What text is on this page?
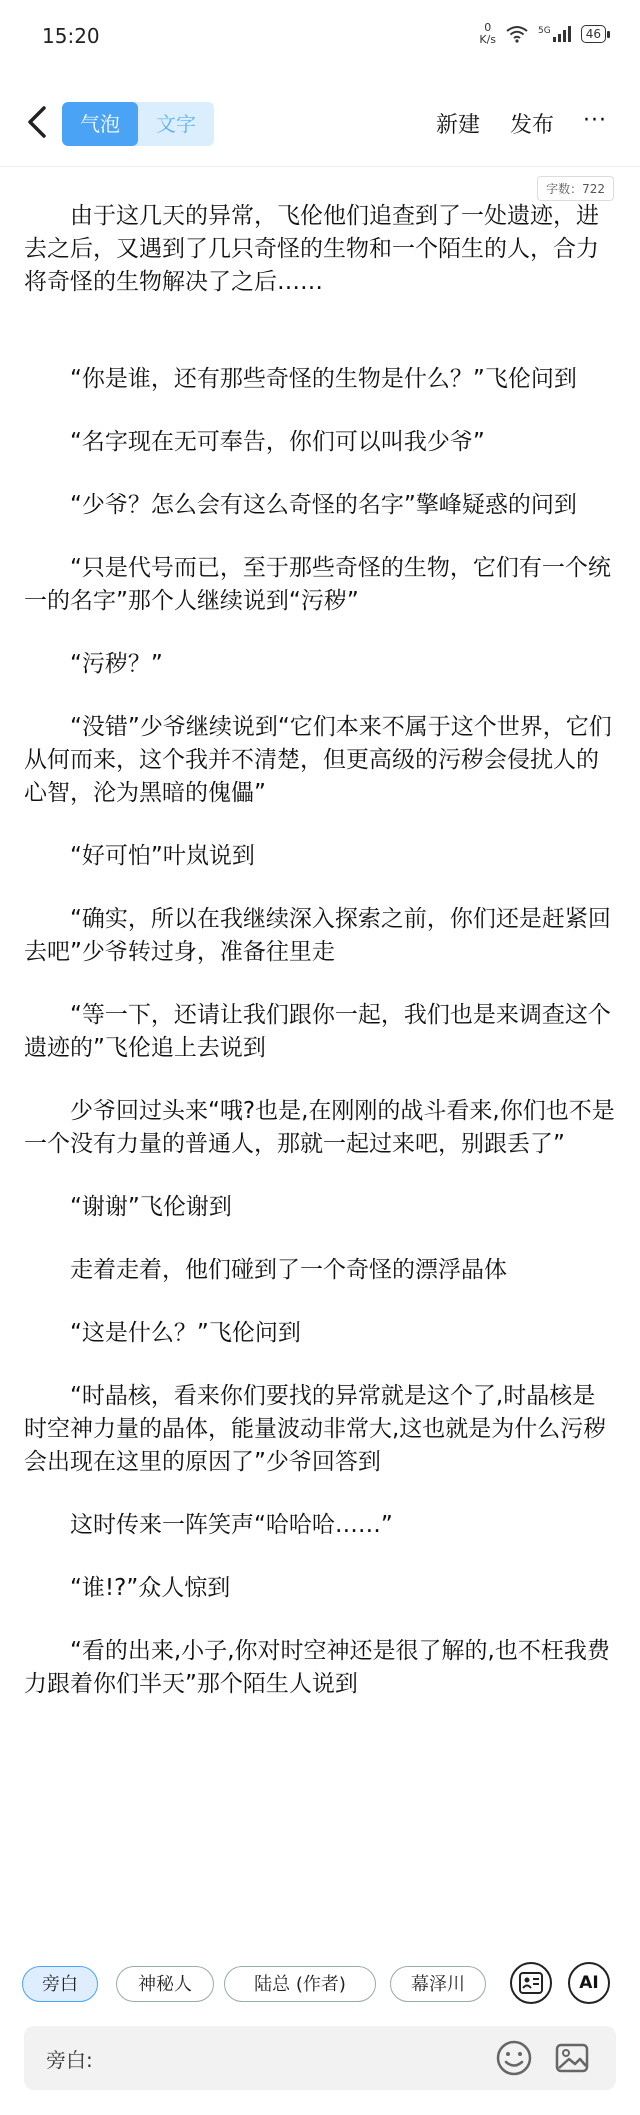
15:20	0
K/s
5G	46
气泡	文字	新建 发布 ···
字数：722

由于这几天的异常，飞伦他们追查到了一处遗迹，进去之后，又遇到了几只奇怪的生物和一个陌生的人，合力将奇怪的生物解决了之后……

“你是谁，还有那些奇怪的生物是什么？”飞伦问到

“名字现在无可奉告，你们可以叫我少爷”

“少爷？怎么会有这么奇怪的名字”擎峰疑惑的问到

“只是代号而已，至于那些奇怪的生物，它们有一个统一的名字”那个人继续说到“污秽”

“污秽？”

“没错”少爷继续说到“它们本来不属于这个世界，它们从何而来，这个我并不清楚，但更高级的污秽会侵扰人的心智，沦为黑暗的傀儡”

“好可怕”叶岚说到

“确实，所以在我继续深入探索之前，你们还是赶紧回去吧”少爷转过身，准备往里走

“等一下，还请让我们跟你一起，我们也是来调查这个遗迹的”飞伦追上去说到

少爷回过头来“哦?也是,在刚刚的战斗看来,你们也不是一个没有力量的普通人，那就一起过来吧，别跟丢了”

“谢谢”飞伦谢到

走着走着，他们碰到了一个奇怪的漂浮晶体

“这是什么？”飞伦问到

“时晶核，看来你们要找的异常就是这个了,时晶核是时空神力量的晶体，能量波动非常大,这也就是为什么污秽会出现在这里的原因了”少爷回答到

这时传来一阵笑声“哈哈哈……”

“谁!?”众人惊到

“看的出来,小子,你对时空神还是很了解的,也不枉我费力跟着你们半天”那个陌生人说到

旁白	神秘人	陆总 (作者)	幕泽川	AI
旁白:
